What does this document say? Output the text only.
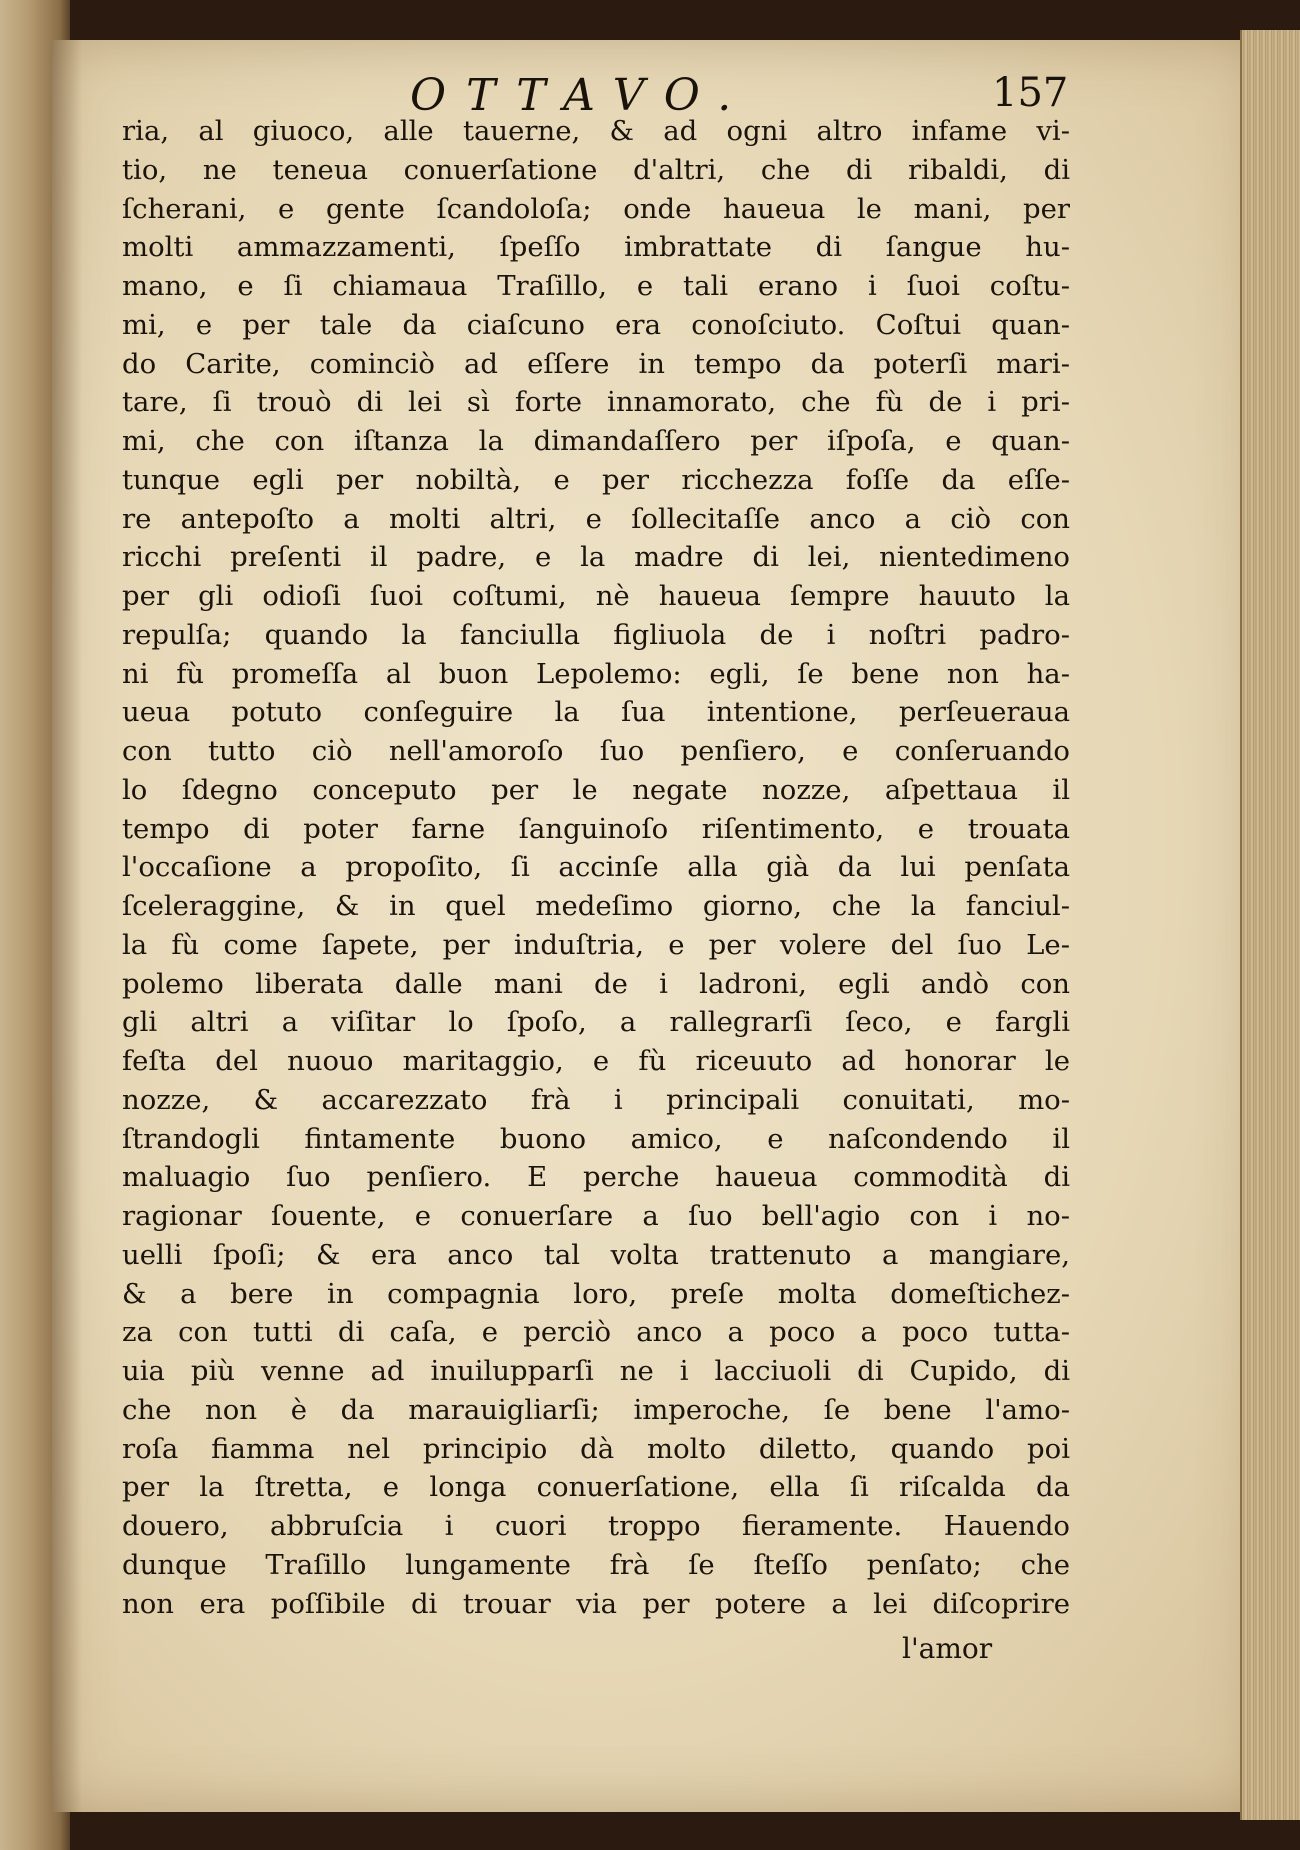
OTTAVO.	157
ria, al giuoco, alle tauerne, & ad ogni altro infame vi-
tio, ne teneua conuerſatione d'altri, che di ribaldi, di
ſcherani, e gente ſcandoloſa; onde haueua le mani, per
molti ammazzamenti, ſpeſſo imbrattate di ſangue hu-
mano, e ſi chiamaua Traſillo, e tali erano i ſuoi coſtu-
mi, e per tale da ciaſcuno era conoſciuto. Coſtui quan-
do Carite, cominciò ad eſſere in tempo da poterſi mari-
tare, ſi trouò di lei sì forte innamorato, che fù de i pri-
mi, che con iſtanza la dimandaſſero per iſpoſa, e quan-
tunque egli per nobiltà, e per ricchezza foſſe da eſſe-
re antepoſto a molti altri, e ſollecitaſſe anco a ciò con
ricchi preſenti il padre, e la madre di lei, nientedimeno
per gli odioſi ſuoi coſtumi, nè haueua ſempre hauuto la
repulſa; quando la fanciulla figliuola de i noſtri padro-
ni fù promeſſa al buon Lepolemo: egli, ſe bene non ha-
ueua potuto conſeguire la ſua intentione, perſeueraua
con tutto ciò nell'amoroſo ſuo penſiero, e conſeruando
lo ſdegno conceputo per le negate nozze, aſpettaua il
tempo di poter farne ſanguinoſo riſentimento, e trouata
l'occaſione a propoſito, ſi accinſe alla già da lui penſata
ſceleraggine, & in quel medeſimo giorno, che la fanciul-
la fù come ſapete, per induſtria, e per volere del ſuo Le-
polemo liberata dalle mani de i ladroni, egli andò con
gli altri a viſitar lo ſpoſo, a rallegrarſi ſeco, e fargli
feſta del nuouo maritaggio, e fù riceuuto ad honorar le
nozze, & accarezzato frà i principali conuitati, mo-
ſtrandogli fintamente buono amico, e naſcondendo il
maluagio ſuo penſiero. E perche haueua commodità di
ragionar ſouente, e conuerſare a ſuo bell'agio con i no-
uelli ſpoſi; & era anco tal volta trattenuto a mangiare,
& a bere in compagnia loro, preſe molta domeſtichez-
za con tutti di caſa, e perciò anco a poco a poco tutta-
uia più venne ad inuilupparſi ne i lacciuoli di Cupido, di
che non è da marauigliarſi; imperoche, ſe bene l'amo-
roſa fiamma nel principio dà molto diletto, quando poi
per la ſtretta, e longa conuerſatione, ella ſi riſcalda da
douero, abbruſcia i cuori troppo fieramente. Hauendo
dunque Traſillo lungamente frà ſe ſteſſo penſato; che
non era poſſibile di trouar via per potere a lei diſcoprire
l'amor
